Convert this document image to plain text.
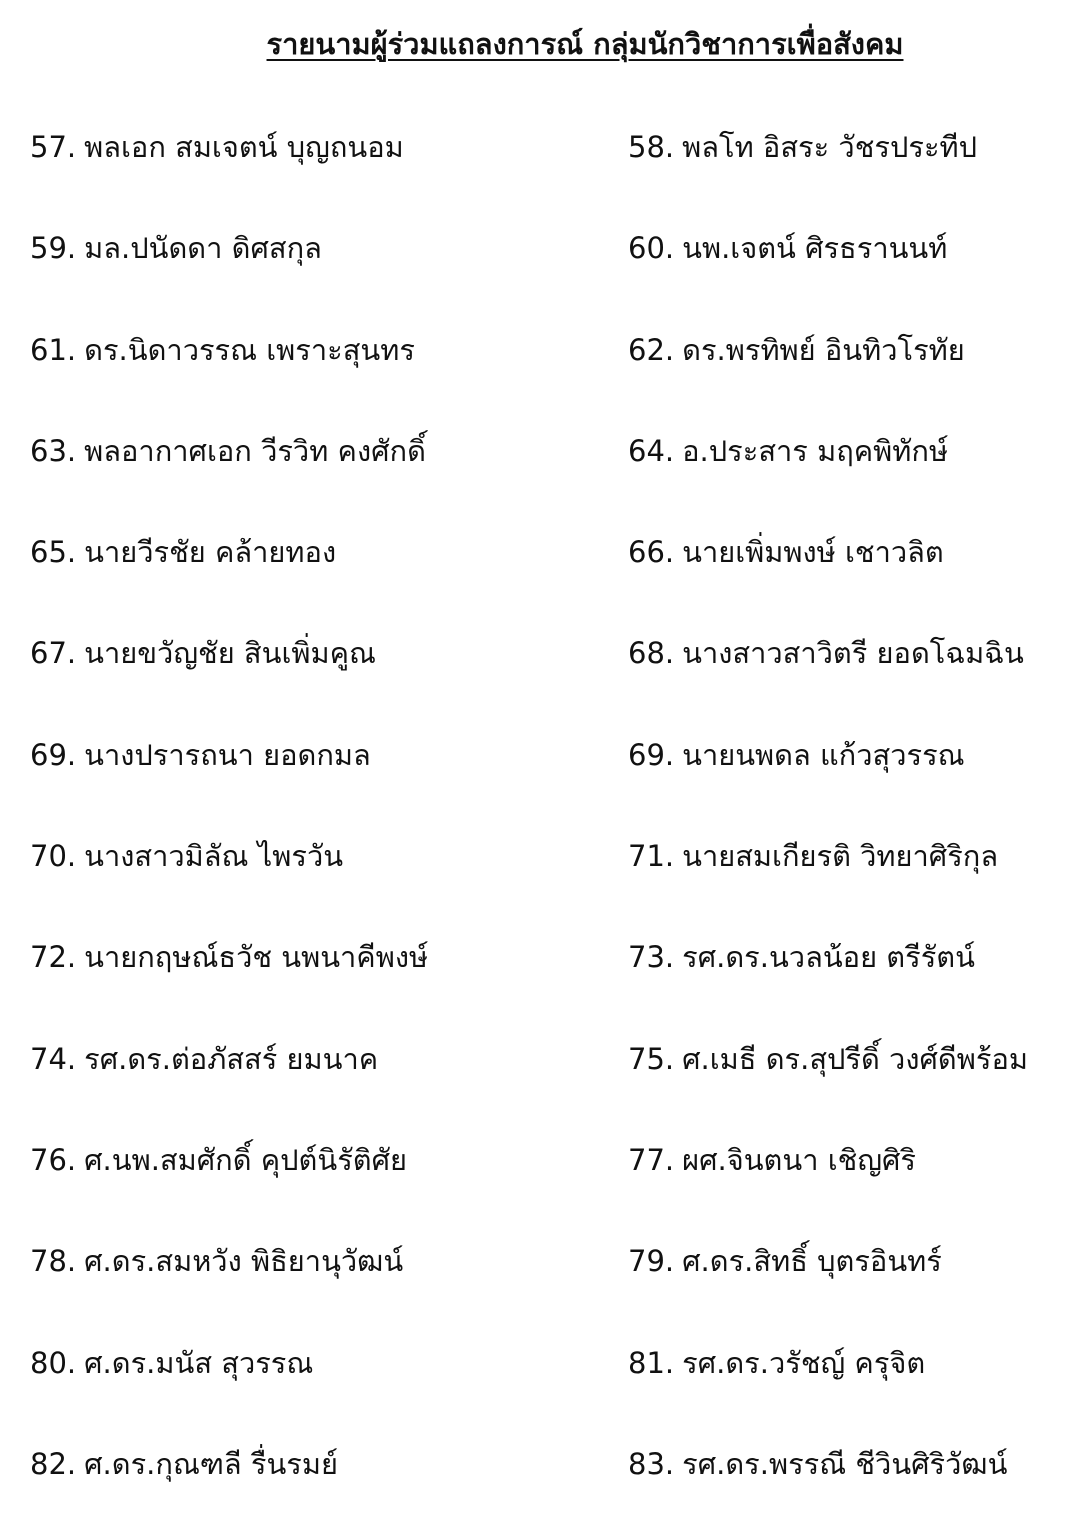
รายนามผู้ร่วมแถลงการณ์ กลุ่มนักวิชาการเพื่อสังคม
57. พลเอก สมเจตน์ บุญถนอม	58. พลโท อิสระ วัชรประทีป
59. มล.ปนัดดา ดิศสกุล	60. นพ.เจตน์ ศิรธรานนท์
61. ดร.นิดาวรรณ เพราะสุนทร	62. ดร.พรทิพย์ อินทิวโรทัย
63. พลอากาศเอก วีรวิท คงศักดิ์	64. อ.ประสาร มฤคพิทักษ์
65. นายวีรชัย คล้ายทอง	66. นายเพิ่มพงษ์ เชาวลิต
67. นายขวัญชัย สินเพิ่มคูณ	68. นางสาวสาวิตรี ยอดโฉมฉิน
69. นางปรารถนา ยอดกมล	69. นายนพดล แก้วสุวรรณ
70. นางสาวมิลัณ ไพรวัน	71. นายสมเกียรติ วิทยาศิริกุล
72. นายกฤษณ์ธวัช นพนาคีพงษ์	73. รศ.ดร.นวลน้อย ตรีรัตน์
74. รศ.ดร.ต่อภัสสร์ ยมนาค	75. ศ.เมธี ดร.สุปรีดิ์ วงศ์ดีพร้อม
76. ศ.นพ.สมศักดิ์ คุปต์นิรัติศัย	77. ผศ.จินตนา เชิญศิริ
78. ศ.ดร.สมหวัง พิธิยานุวัฒน์	79. ศ.ดร.สิทธิ์ บุตรอินทร์
80. ศ.ดร.มนัส สุวรรณ	81. รศ.ดร.วรัชญ์ ครุจิต
82. ศ.ดร.กุณฑลี รื่นรมย์	83. รศ.ดร.พรรณี ชีวินศิริวัฒน์
